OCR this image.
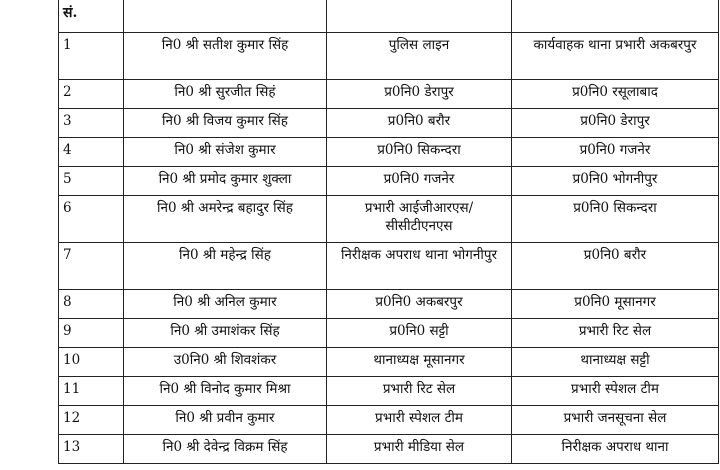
सं.			
1	नि0 श्री सतीश कुमार सिंह	पुलिस लाइन	कार्यवाहक थाना प्रभारी अकबरपुर
2	नि0 श्री सुरजीत सिहं	प्र0नि0 डेरापुर	प्र0नि0 रसूलाबाद
3	नि0 श्री विजय कुमार सिंह	प्र0नि0 बरौर	प्र0नि0 डेरापुर
4	नि0 श्री संजेश कुमार	प्र0नि0 सिकन्दरा	प्र0नि0 गजनेर
5	नि0 श्री प्रमोद कुमार शुक्ला	प्र0नि0 गजनेर	प्र0नि0 भोगनीपुर
6	नि0 श्री अमरेन्द्र बहादुर सिंह	प्रभारी आईजीआरएस/ सीसीटीएनएस	प्र0नि0 सिकन्दरा
7	नि0 श्री महेन्द्र सिंह	निरीक्षक अपराध थाना भोगनीपुर	प्र0नि0 बरौर
8	नि0 श्री अनिल कुमार	प्र0नि0 अकबरपुर	प्र0नि0 मूसानगर
9	नि0 श्री उमाशंकर सिंह	प्र0नि0 सट्टी	प्रभारी रिट सेल
10	उ0नि0 श्री शिवशंकर	थानाध्यक्ष मूसानगर	थानाध्यक्ष सट्टी
11	नि0 श्री विनोद कुमार मिश्रा	प्रभारी रिट सेल	प्रभारी स्पेशल टीम
12	नि0 श्री प्रवीन कुमार	प्रभारी स्पेशल टीम	प्रभारी जनसूचना सेल
13	नि0 श्री देवेन्द्र विक्रम सिंह	प्रभारी मीडिया सेल	निरीक्षक अपराध थाना
